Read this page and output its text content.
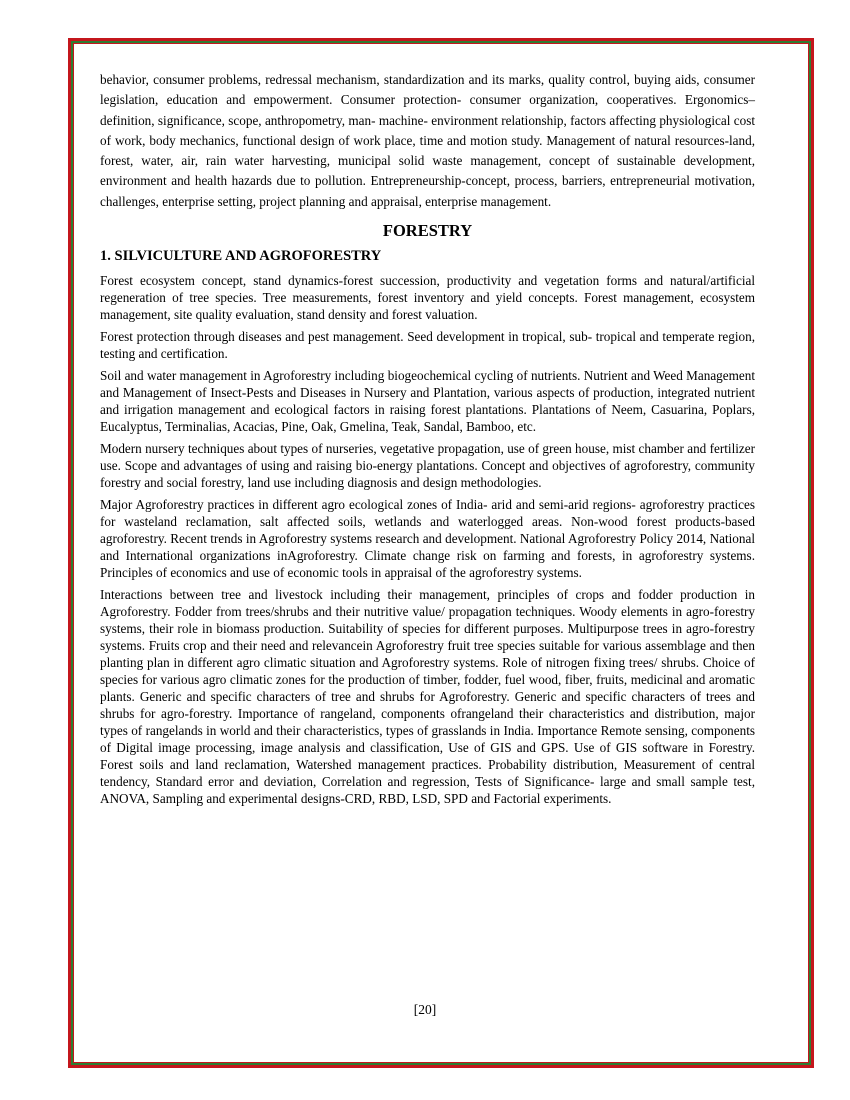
behavior, consumer problems, redressal mechanism, standardization and its marks, quality control, buying aids, consumer legislation, education and empowerment. Consumer protection- consumer organization, cooperatives. Ergonomics– definition, significance, scope, anthropometry, man- machine- environment relationship, factors affecting physiological cost of work, body mechanics, functional design of work place, time and motion study. Management of natural resources-land, forest, water, air, rain water harvesting, municipal solid waste management, concept of sustainable development, environment and health hazards due to pollution. Entrepreneurship-concept, process, barriers, entrepreneurial motivation, challenges, enterprise setting, project planning and appraisal, enterprise management.

FORESTRY
1. SILVICULTURE AND AGROFORESTRY

Forest ecosystem concept, stand dynamics-forest succession, productivity and vegetation forms and natural/artificial regeneration of tree species. Tree measurements, forest inventory and yield concepts. Forest management, ecosystem management, site quality evaluation, stand density and forest valuation.

Forest protection through diseases and pest management. Seed development in tropical, sub- tropical and temperate region, testing and certification.

Soil and water management in Agroforestry including biogeochemical cycling of nutrients. Nutrient and Weed Management and Management of Insect-Pests and Diseases in Nursery and Plantation, various aspects of production, integrated nutrient and irrigation management and ecological factors in raising forest plantations. Plantations of Neem, Casuarina, Poplars, Eucalyptus, Terminalias, Acacias, Pine, Oak, Gmelina, Teak, Sandal, Bamboo, etc.

Modern nursery techniques about types of nurseries, vegetative propagation, use of green house, mist chamber and fertilizer use. Scope and advantages of using and raising bio-energy plantations. Concept and objectives of agroforestry, community forestry and social forestry, land use including diagnosis and design methodologies.

Major Agroforestry practices in different agro ecological zones of India- arid and semi-arid regions- agroforestry practices for wasteland reclamation, salt affected soils, wetlands and waterlogged areas. Non-wood forest products-based agroforestry. Recent trends in Agroforestry systems research and development. National Agroforestry Policy 2014, National and International organizations inAgroforestry. Climate change risk on farming and forests, in agroforestry systems. Principles of economics and use of economic tools in appraisal of the agroforestry systems.

Interactions between tree and livestock including their management, principles of crops and fodder production in Agroforestry. Fodder from trees/shrubs and their nutritive value/ propagation techniques. Woody elements in agro-forestry systems, their role in biomass production. Suitability of species for different purposes. Multipurpose trees in agro-forestry systems. Fruits crop and their need and relevancein Agroforestry fruit tree species suitable for various assemblage and then planting plan in different agro climatic situation and Agroforestry systems. Role of nitrogen fixing trees/ shrubs. Choice of species for various agro climatic zones for the production of timber, fodder, fuel wood, fiber, fruits, medicinal and aromatic plants. Generic and specific characters of tree and shrubs for Agroforestry. Generic and specific characters of trees and shrubs for agro-forestry. Importance of rangeland, components ofrangeland their characteristics and distribution, major types of rangelands in world and their characteristics, types of grasslands in India. Importance Remote sensing, components of Digital image processing, image analysis and classification, Use of GIS and GPS. Use of GIS software in Forestry. Forest soils and land reclamation, Watershed management practices. Probability distribution, Measurement of central tendency, Standard error and deviation, Correlation and regression, Tests of Significance- large and small sample test, ANOVA, Sampling and experimental designs-CRD, RBD, LSD, SPD and Factorial experiments.

[20]
